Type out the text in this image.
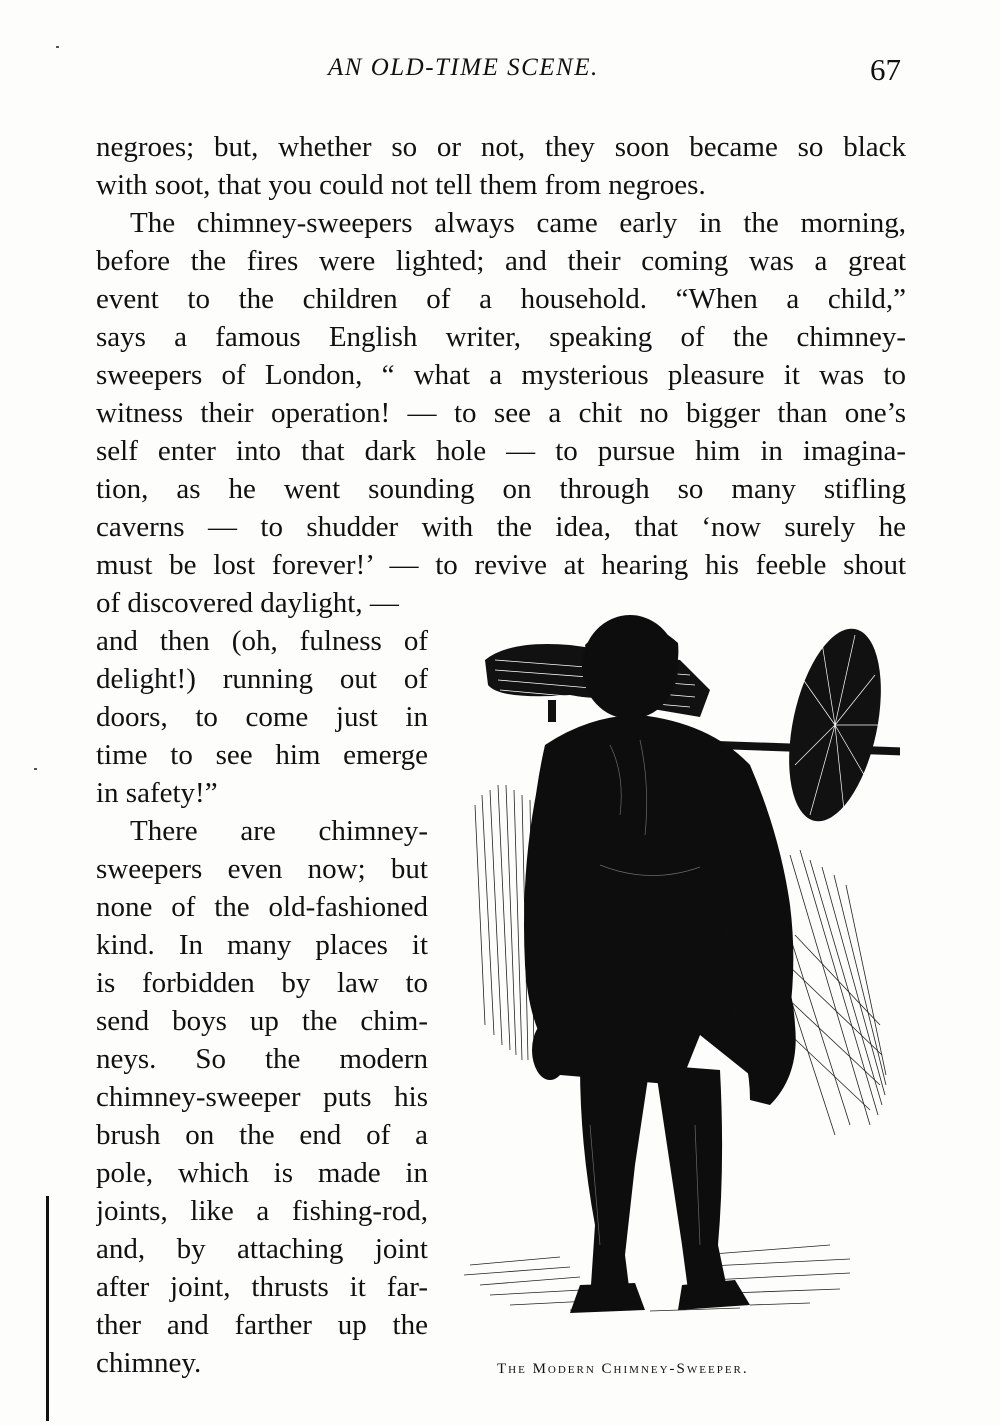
AN OLD-TIME SCENE.	67
negroes; but, whether so or not, they soon became so black
with soot, that you could not tell them from negroes.
The chimney-sweepers always came early in the morning,
before the fires were lighted; and their coming was a great
event to the children of a household. “When a child,”
says a famous English writer, speaking of the chimney-
sweepers of London, “ what a mysterious pleasure it was to
witness their operation! — to see a chit no bigger than one’s
self enter into that dark hole — to pursue him in imagina-
tion, as he went sounding on through so many stifling
caverns — to shudder with the idea, that ‘now surely he
must be lost forever!’ — to revive at hearing his feeble shout
of discovered daylight, —
and then (oh, fulness of
delight!) running out of
doors, to come just in
time to see him emerge
in safety!”
There are chimney-
sweepers even now; but
none of the old-fashioned
kind. In many places it
is forbidden by law to
send boys up the chim-
neys. So the modern
chimney-sweeper puts his
brush on the end of a
pole, which is made in
joints, like a fishing-rod,
and, by attaching joint
after joint, thrusts it far-
ther and farther up the
chimney.	The Modern Chimney-Sweeper.
